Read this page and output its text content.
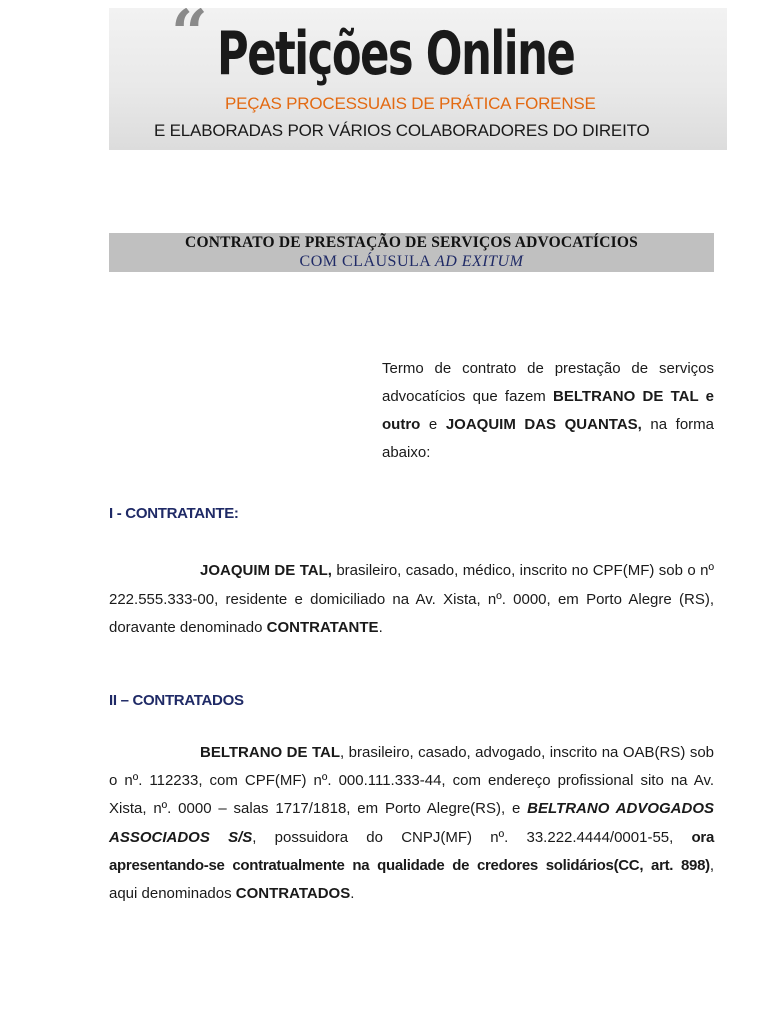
“ Petições Online
PEÇAS PROCESSUAIS DE PRÁTICA FORENSE
E ELABORADAS POR VÁRIOS COLABORADORES DO DIREITO
CONTRATO DE PRESTAÇÃO DE SERVIÇOS ADVOCATÍCIOS
COM CLÁUSULA AD EXITUM
Termo de contrato de prestação de serviços advocatícios que fazem BELTRANO DE TAL e outro e JOAQUIM DAS QUANTAS, na forma abaixo:
I - CONTRATANTE:
JOAQUIM DE TAL, brasileiro, casado, médico, inscrito no CPF(MF) sob o nº 222.555.333-00, residente e domiciliado na Av. Xista, nº. 0000, em Porto Alegre (RS), doravante denominado CONTRATANTE.
II – CONTRATADOS
BELTRANO DE TAL, brasileiro, casado, advogado, inscrito na OAB(RS) sob o nº. 112233, com CPF(MF) nº. 000.111.333-44, com endereço profissional sito na Av. Xista, nº. 0000 – salas 1717/1818, em Porto Alegre(RS), e BELTRANO ADVOGADOS ASSOCIADOS S/S, possuidora do CNPJ(MF) nº. 33.222.4444/0001-55, ora apresentando-se contratualmente na qualidade de credores solidários(CC, art. 898), aqui denominados CONTRATADOS.
